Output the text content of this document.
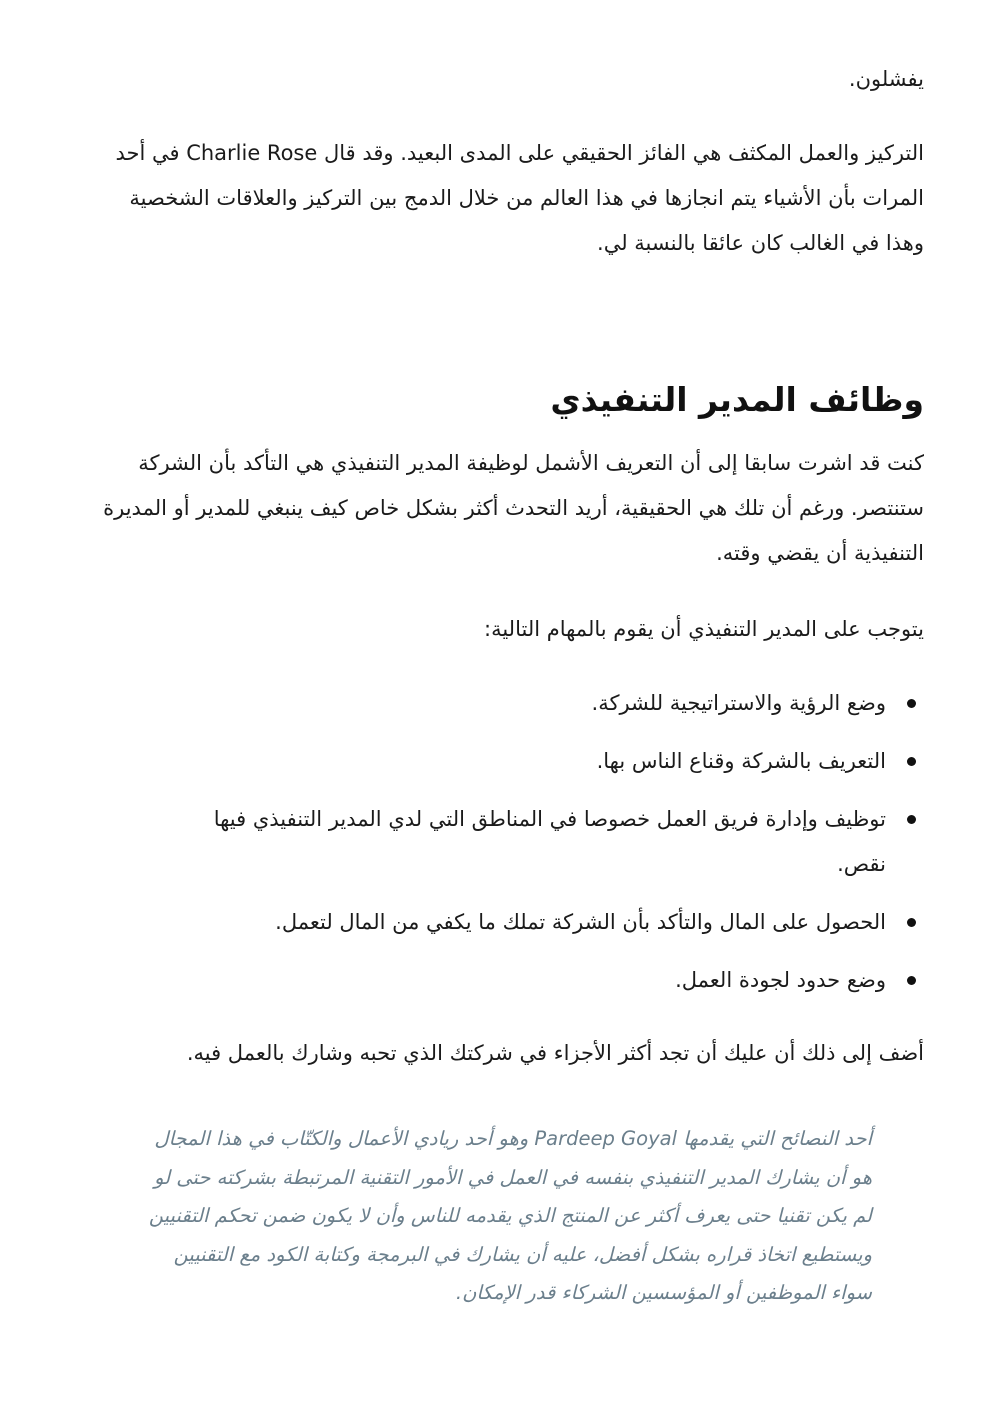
يفشلون.

التركيز والعمل المكثف هي الفائز الحقيقي على المدى البعيد. وقد قال Charlie Rose في أحد المرات بأن الأشياء يتم انجازها في هذا العالم من خلال الدمج بين التركيز والعلاقات الشخصية وهذا في الغالب كان عائقا بالنسبة لي.

وظائف المدير التنفيذي

كنت قد اشرت سابقا إلى أن التعريف الأشمل لوظيفة المدير التنفيذي هي التأكد بأن الشركة ستنتصر. ورغم أن تلك هي الحقيقية، أريد التحدث أكثر بشكل خاص كيف ينبغي للمدير أو المديرة التنفيذية أن يقضي وقته.

يتوجب على المدير التنفيذي أن يقوم بالمهام التالية:

وضع الرؤية والاستراتيجية للشركة.
التعريف بالشركة وقناع الناس بها.
توظيف وإدارة فريق العمل خصوصا في المناطق التي لدي المدير التنفيذي فيها نقص.
الحصول على المال والتأكد بأن الشركة تملك ما يكفي من المال لتعمل.
وضع حدود لجودة العمل.

أضف إلى ذلك أن عليك أن تجد أكثر الأجزاء في شركتك الذي تحبه وشارك بالعمل فيه.

أحد النصائح التي يقدمها Pardeep Goyal وهو أحد ريادي الأعمال والكتّاب في هذا المجال هو أن يشارك المدير التنفيذي بنفسه في العمل في الأمور التقنية المرتبطة بشركته حتى لو لم يكن تقنيا حتى يعرف أكثر عن المنتج الذي يقدمه للناس وأن لا يكون ضمن تحكم التقنيين ويستطيع اتخاذ قراره بشكل أفضل، عليه أن يشارك في البرمجة وكتابة الكود مع التقنيين سواء الموظفين أو المؤسسين الشركاء قدر الإمكان.
